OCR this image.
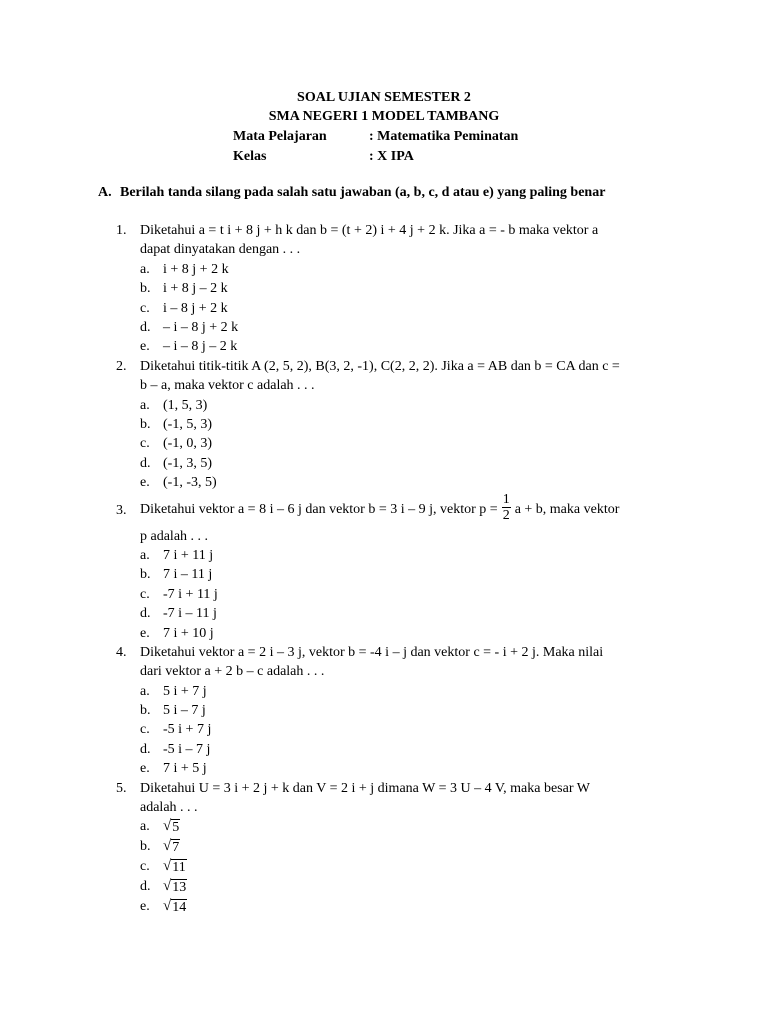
SOAL UJIAN SEMESTER 2
SMA NEGERI 1 MODEL TAMBANG
Mata Pelajaran	: Matematika Peminatan
Kelas	: X IPA
A. Berilah tanda silang pada salah satu jawaban (a, b, c, d atau e) yang paling benar
1. Diketahui a = t i + 8 j + h k dan b = (t + 2) i + 4 j + 2 k. Jika a = - b maka vektor a
dapat dinyatakan dengan . . .
a. i + 8 j + 2 k
b. i + 8 j – 2 k
c. i – 8 j + 2 k
d. – i – 8 j + 2 k
e. – i – 8 j – 2 k
2. Diketahui titik-titik A (2, 5, 2), B(3, 2, -1), C(2, 2, 2). Jika a = AB dan b = CA dan c =
b – a, maka vektor c adalah . . .
a. (1, 5, 3)
b. (-1, 5, 3)
c. (-1, 0, 3)
d. (-1, 3, 5)
e. (-1, -3, 5)
3. Diketahui vektor a = 8 i – 6 j dan vektor b = 3 i – 9 j, vektor $p = \frac{1}{2}$ a + b, maka vektor
p adalah . . .
a. 7 i + 11 j
b. 7 i – 11 j
c. -7 i + 11 j
d. -7 i – 11 j
e. 7 i + 10 j
4. Diketahui vektor a = 2 i – 3 j, vektor b = -4 i – j dan vektor c = - i + 2 j. Maka nilai
dari vektor a + 2 b – c adalah . . .
a. 5 i + 7 j
b. 5 i – 7 j
c. -5 i + 7 j
d. -5 i – 7 j
e. 7 i + 5 j
5. Diketahui U = 3 i + 2 j + k dan V = 2 i + j dimana W = 3 U – 4 V, maka besar W
adalah . . .
a. √ 5
b. √ 7
c. √ 11
d. √ 13
e. √ 14
